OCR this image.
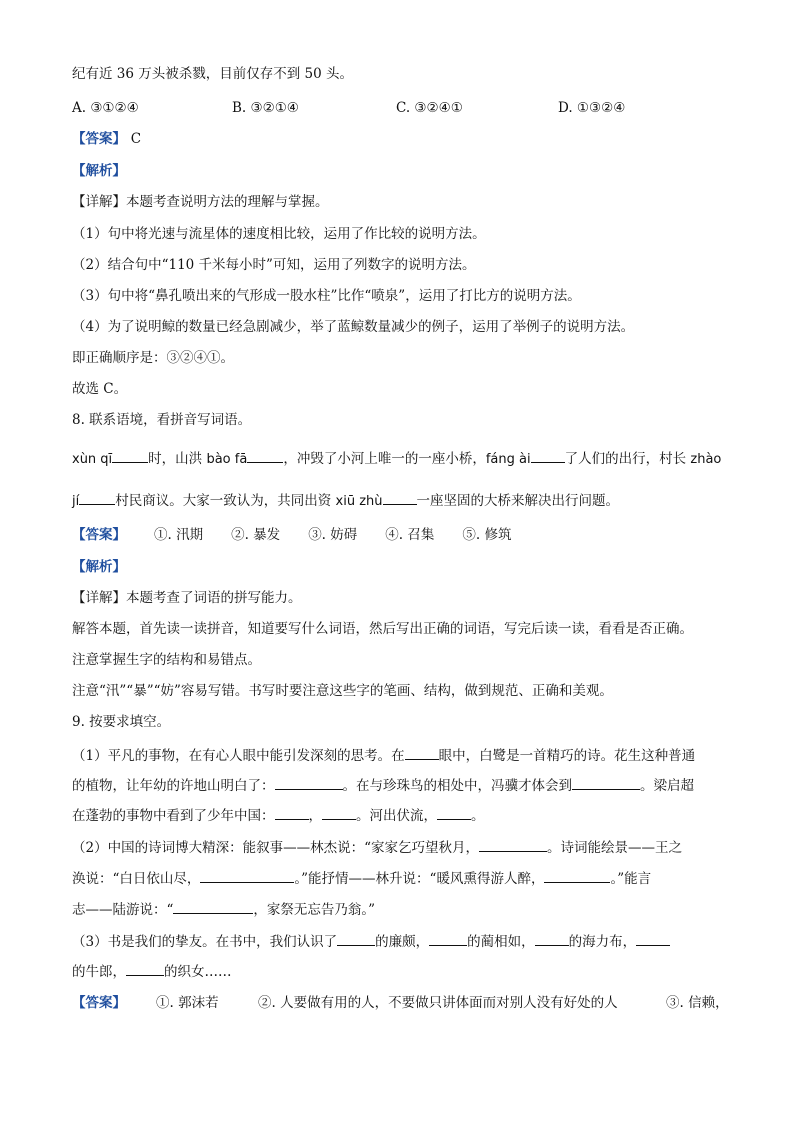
纪有近 36 万头被杀戮，目前仅存不到 50 头。
A. ③①②④	B. ③②①④	C. ③②④①	D. ①③②④
【答案】 C
【解析】
【详解】本题考查说明方法的理解与掌握。
（1）句中将光速与流星体的速度相比较，运用了作比较的说明方法。
（2）结合句中“110 千米每小时”可知，运用了列数字的说明方法。
（3）句中将“鼻孔喷出来的气形成一股水柱”比作“喷泉”，运用了打比方的说明方法。
（4）为了说明鲸的数量已经急剧减少，举了蓝鲸数量减少的例子，运用了举例子的说明方法。
即正确顺序是：③②④①。
故选 C。
8. 联系语境，看拼音写词语。
xùn qī	时，山洪 bào fā	，冲毁了小河上唯一的一座小桥，fáng ài	了人们的出行，村长 zhào
jí	村民商议。大家一致认为，共同出资 xiū zhù	一座坚固的大桥来解决出行问题。
【答案】 ①. 汛期 ②. 暴发 ③. 妨碍 ④. 召集 ⑤. 修筑
【解析】
【详解】本题考查了词语的拼写能力。
解答本题，首先读一读拼音，知道要写什么词语，然后写出正确的词语，写完后读一读，看看是否正确。
注意掌握生字的结构和易错点。
注意“汛”“暴”“妨”容易写错。书写时要注意这些字的笔画、结构，做到规范、正确和美观。
9. 按要求填空。
（1）平凡的事物，在有心人眼中能引发深刻的思考。在	眼中，白鹭是一首精巧的诗。花生这种普通
的植物，让年幼的许地山明白了：	。在与珍珠鸟的相处中，冯骥才体会到	。梁启超
在蓬勃的事物中看到了少年中国：	，	。河出伏流，	。
（2）中国的诗词博大精深：能叙事——林杰说：“家家乞巧望秋月，	。诗词能绘景——王之
涣说：“白日依山尽，	。”能抒情——林升说：“暖风熏得游人醉，	。”能言
志——陆游说：“	，家祭无忘告乃翁。”
（3）书是我们的挚友。在书中，我们认识了	的廉颇，	的蔺相如，	的海力布，
的牛郎，	的织女……
【答案】 ①. 郭沫若	②. 人要做有用的人，不要做只讲体面而对别人没有好处的人	③. 信赖，
